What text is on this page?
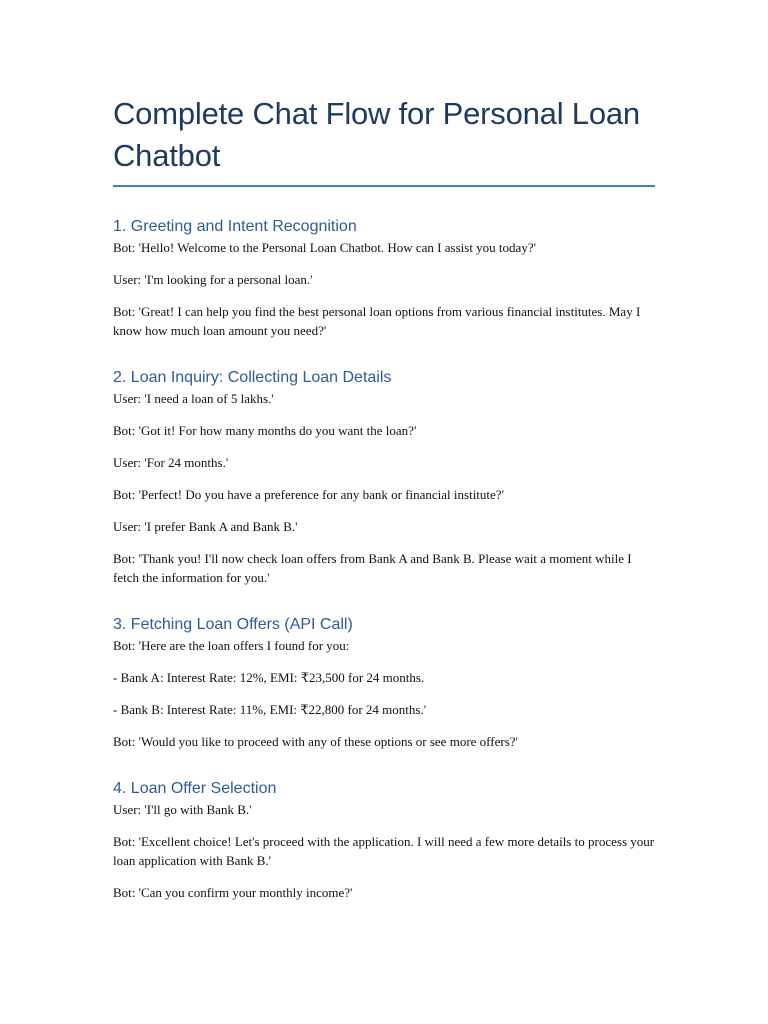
Complete Chat Flow for Personal Loan Chatbot
1. Greeting and Intent Recognition

Bot: 'Hello! Welcome to the Personal Loan Chatbot. How can I assist you today?'

User: 'I'm looking for a personal loan.'

Bot: 'Great! I can help you find the best personal loan options from various financial institutes. May I know how much loan amount you need?'

2. Loan Inquiry: Collecting Loan Details

User: 'I need a loan of 5 lakhs.'

Bot: 'Got it! For how many months do you want the loan?'

User: 'For 24 months.'

Bot: 'Perfect! Do you have a preference for any bank or financial institute?'

User: 'I prefer Bank A and Bank B.'

Bot: 'Thank you! I'll now check loan offers from Bank A and Bank B. Please wait a moment while I fetch the information for you.'

3. Fetching Loan Offers (API Call)

Bot: 'Here are the loan offers I found for you:

- Bank A: Interest Rate: 12%, EMI: ₹23,500 for 24 months.

- Bank B: Interest Rate: 11%, EMI: ₹22,800 for 24 months.'

Bot: 'Would you like to proceed with any of these options or see more offers?'

4. Loan Offer Selection

User: 'I'll go with Bank B.'

Bot: 'Excellent choice! Let's proceed with the application. I will need a few more details to process your loan application with Bank B.'

Bot: 'Can you confirm your monthly income?'
